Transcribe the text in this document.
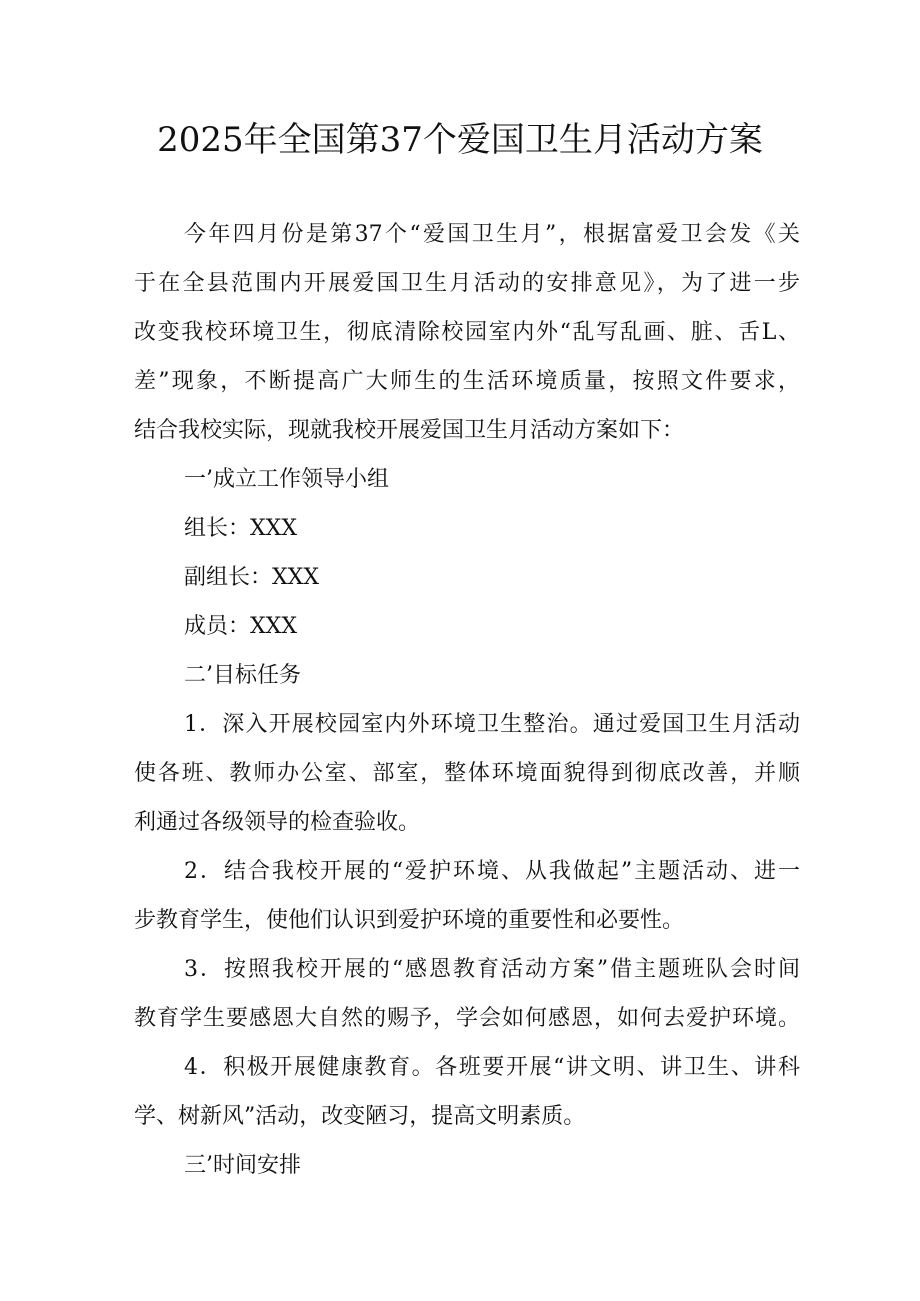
2025年全国第37个爱国卫生月活动方案
今年四月份是第37个“爱国卫生月”，根据富爱卫会发《关
于在全县范围内开展爱国卫生月活动的安排意见》，为了进一步
改变我校环境卫生，彻底清除校园室内外“乱写乱画、脏、舌L、
差”现象，不断提高广大师生的生活环境质量，按照文件要求，
结合我校实际，现就我校开展爱国卫生月活动方案如下：
一’成立工作领导小组
组长：XXX
副组长：XXX
成员：XXX
二’目标任务
1．深入开展校园室内外环境卫生整治。通过爱国卫生月活动
使各班、教师办公室、部室，整体环境面貌得到彻底改善，并顺
利通过各级领导的检查验收。
2．结合我校开展的“爱护环境、从我做起”主题活动、进一
步教育学生，使他们认识到爱护环境的重要性和必要性。
3．按照我校开展的“感恩教育活动方案”借主题班队会时间
教育学生要感恩大自然的赐予，学会如何感恩，如何去爱护环境。
4．积极开展健康教育。各班要开展“讲文明、讲卫生、讲科
学、树新风”活动，改变陋习，提高文明素质。
三’时间安排
